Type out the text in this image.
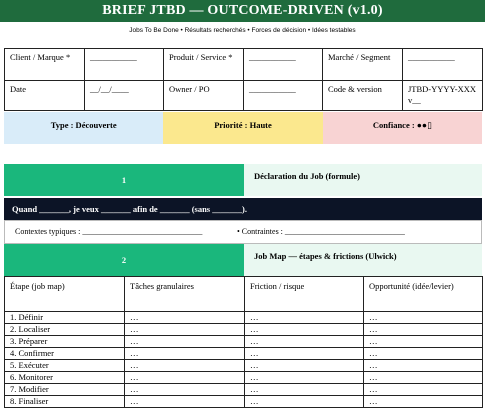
BRIEF JTBD — OUTCOME-DRIVEN (v1.0)
Jobs To Be Done • Résultats recherchés • Forces de décision • Idées testables
Client / Marque *	___________	Produit / Service *	___________	Marché / Segment	___________
Date	__/__/____	Owner / PO	___________	Code & version	JTBD-YYYY-XXX v__
Type : Découverte	Priorité : Haute	Confiance : ●●▯
1	Déclaration du Job (formule)
Quand _______, je veux _______ afin de _______ (sans _______).
Contextes typiques : ______________________________	• Contraintes : ______________________________
2	Job Map — étapes & frictions (Ulwick)
Étape (job map)	Tâches granulaires	Friction / risque	Opportunité (idée/levier)
1. Définir	…	…	…
2. Localiser	…	…	…
3. Préparer	…	…	…
4. Confirmer	…	…	…
5. Exécuter	…	…	…
6. Monitorer	…	…	…
7. Modifier	…	…	…
8. Finaliser	…	…	…
